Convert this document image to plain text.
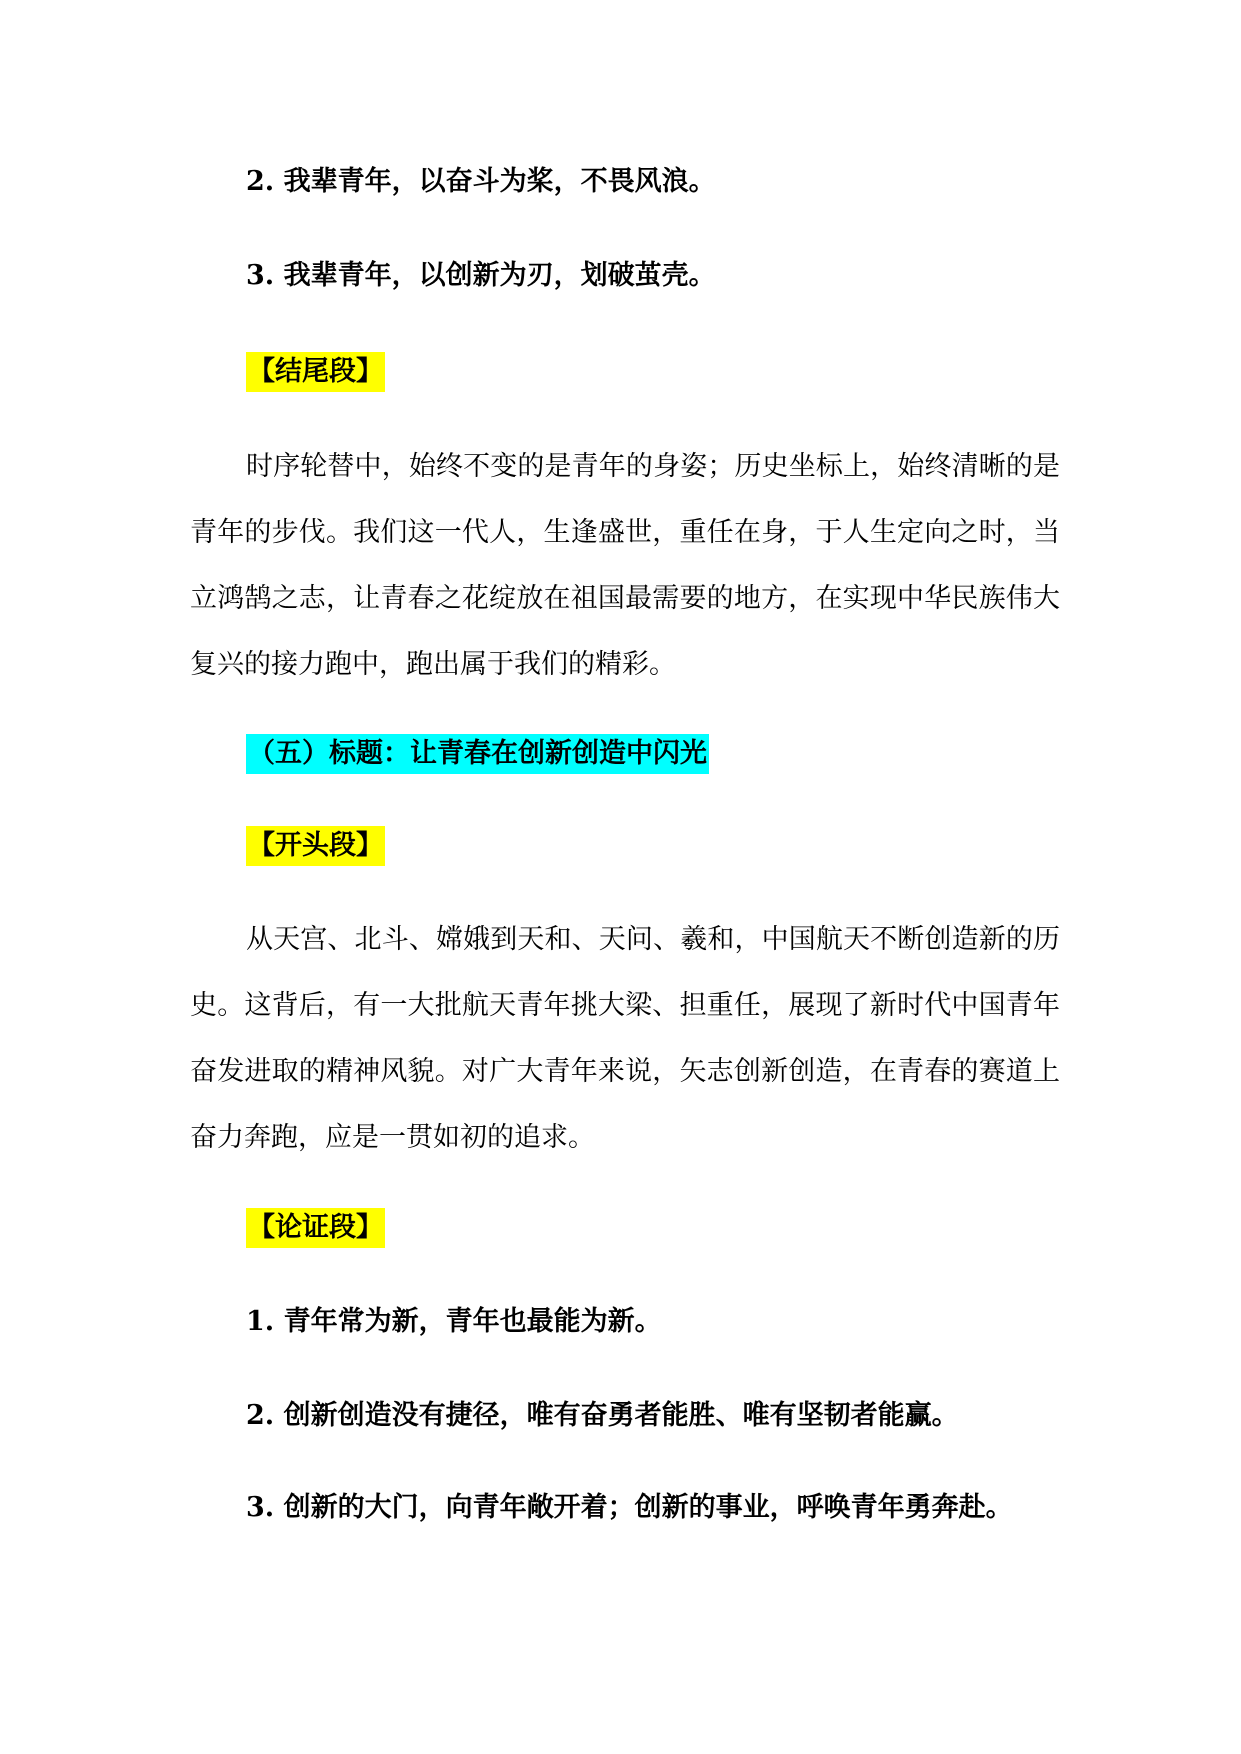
2. 我辈青年，以奋斗为桨，不畏风浪。
3. 我辈青年，以创新为刃，划破茧壳。
【结尾段】

时序轮替中，始终不变的是青年的身姿；历史坐标上，始终清晰的是青年的步伐。我们这一代人，生逢盛世，重任在身，于人生定向之时，当立鸿鹄之志，让青春之花绽放在祖国最需要的地方，在实现中华民族伟大复兴的接力跑中，跑出属于我们的精彩。

（五）标题：让青春在创新创造中闪光
【开头段】

从天宫、北斗、嫦娥到天和、天问、羲和，中国航天不断创造新的历史。这背后，有一大批航天青年挑大梁、担重任，展现了新时代中国青年奋发进取的精神风貌。对广大青年来说，矢志创新创造，在青春的赛道上奋力奔跑，应是一贯如初的追求。

【论证段】
1. 青年常为新，青年也最能为新。
2. 创新创造没有捷径，唯有奋勇者能胜、唯有坚韧者能赢。
3. 创新的大门，向青年敞开着；创新的事业，呼唤青年勇奔赴。
